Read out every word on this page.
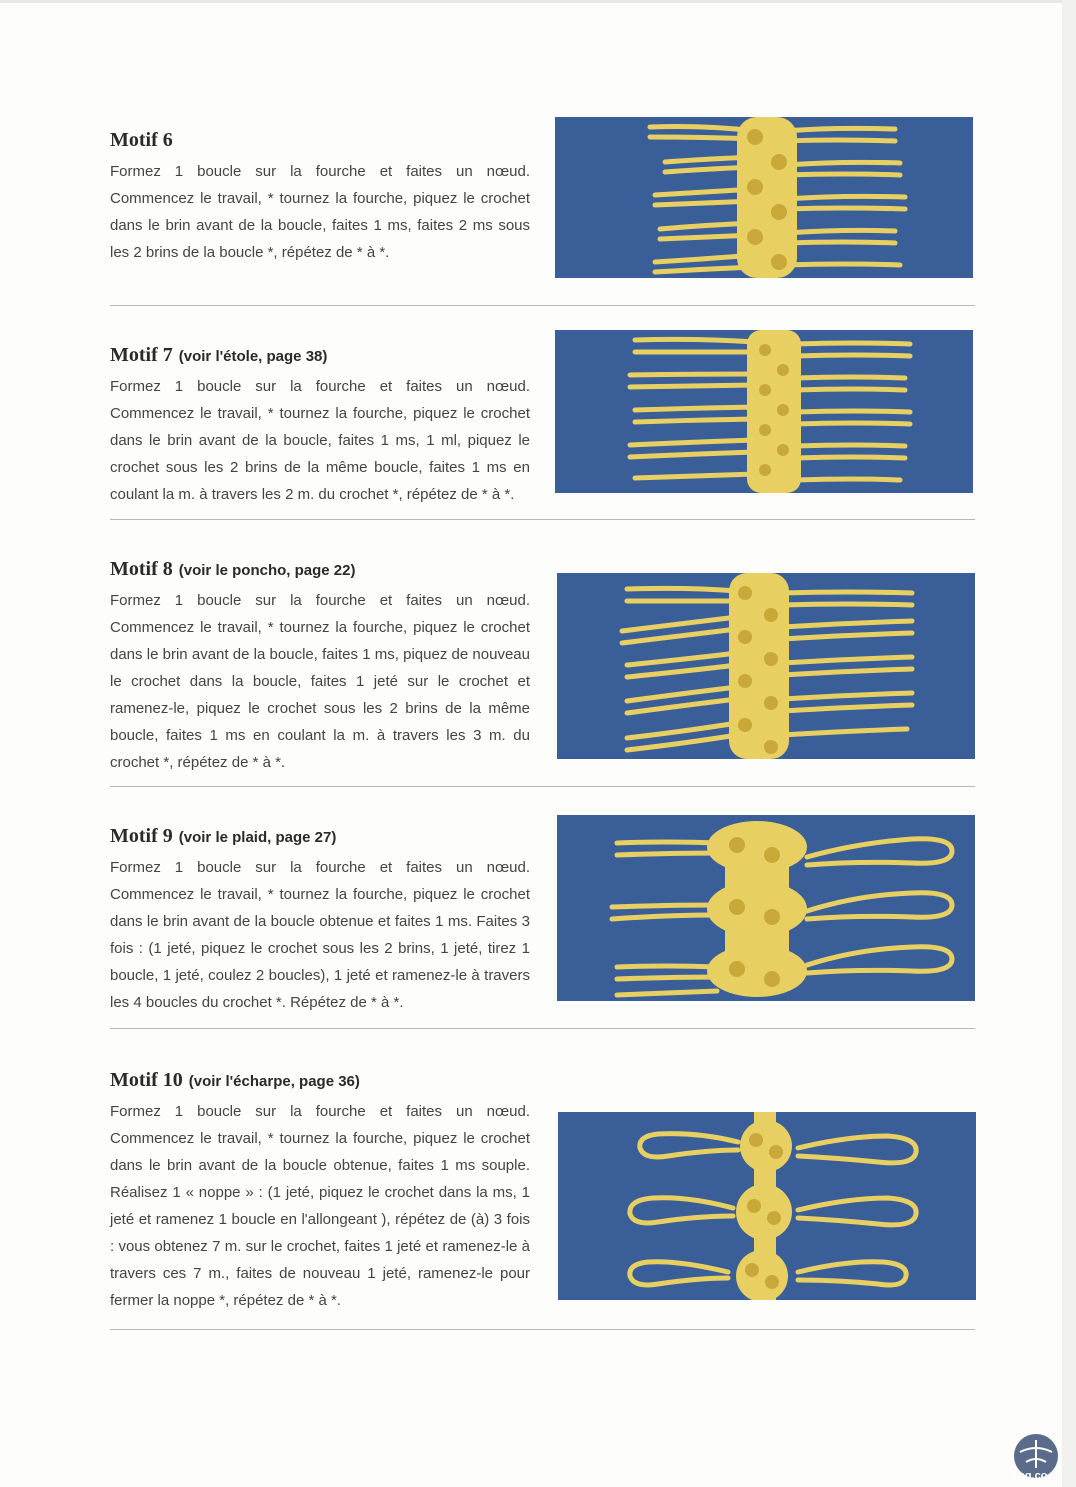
Motif 6

Formez 1 boucle sur la fourche et faites un nœud. Commencez le travail, * tournez la fourche, piquez le crochet dans le brin avant de la boucle, faites 1 ms, faites 2 ms sous les 2 brins de la boucle *, répétez de * à *.

Motif 7 (voir l'étole, page 38)

Formez 1 boucle sur la fourche et faites un nœud. Commencez le travail, * tournez la fourche, piquez le crochet dans le brin avant de la boucle, faites 1 ms, 1 ml, piquez le crochet sous les 2 brins de la même boucle, faites 1 ms en coulant la m. à travers les 2 m. du crochet *, répétez de * à *.

Motif 8 (voir le poncho, page 22)

Formez 1 boucle sur la fourche et faites un nœud. Commencez le travail, * tournez la fourche, piquez le crochet dans le brin avant de la boucle, faites 1 ms, piquez de nouveau le crochet dans la boucle, faites 1 jeté sur le crochet et ramenez-le, piquez le crochet sous les 2 brins de la même boucle, faites 1 ms en coulant la m. à travers les 3 m. du crochet *, répétez de * à *.

Motif 9 (voir le plaid, page 27)

Formez 1 boucle sur la fourche et faites un nœud. Commencez le travail, * tournez la fourche, piquez le crochet dans le brin avant de la boucle obtenue et faites 1 ms. Faites 3 fois : (1 jeté, piquez le crochet sous les 2 brins, 1 jeté, tirez 1 boucle, 1 jeté, coulez 2 boucles), 1 jeté et ramenez-le à travers les 4 boucles du crochet *. Répétez de * à *.

Motif 10 (voir l'écharpe, page 36)

Formez 1 boucle sur la fourche et faites un nœud. Commencez le travail, * tournez la fourche, piquez le crochet dans le brin avant de la boucle obtenue, faites 1 ms souple. Réalisez 1 « noppe » : (1 jeté, piquez le crochet dans la ms, 1 jeté et ramenez 1 boucle en l'allongeant ), répétez de (à) 3 fois : vous obtenez 7 m. sur le crochet, faites 1 jeté et ramenez-le à travers ces 7 m., faites de nouveau 1 jeté, ramenez-le pour fermer la noppe *, répétez de * à *.

eng.co
